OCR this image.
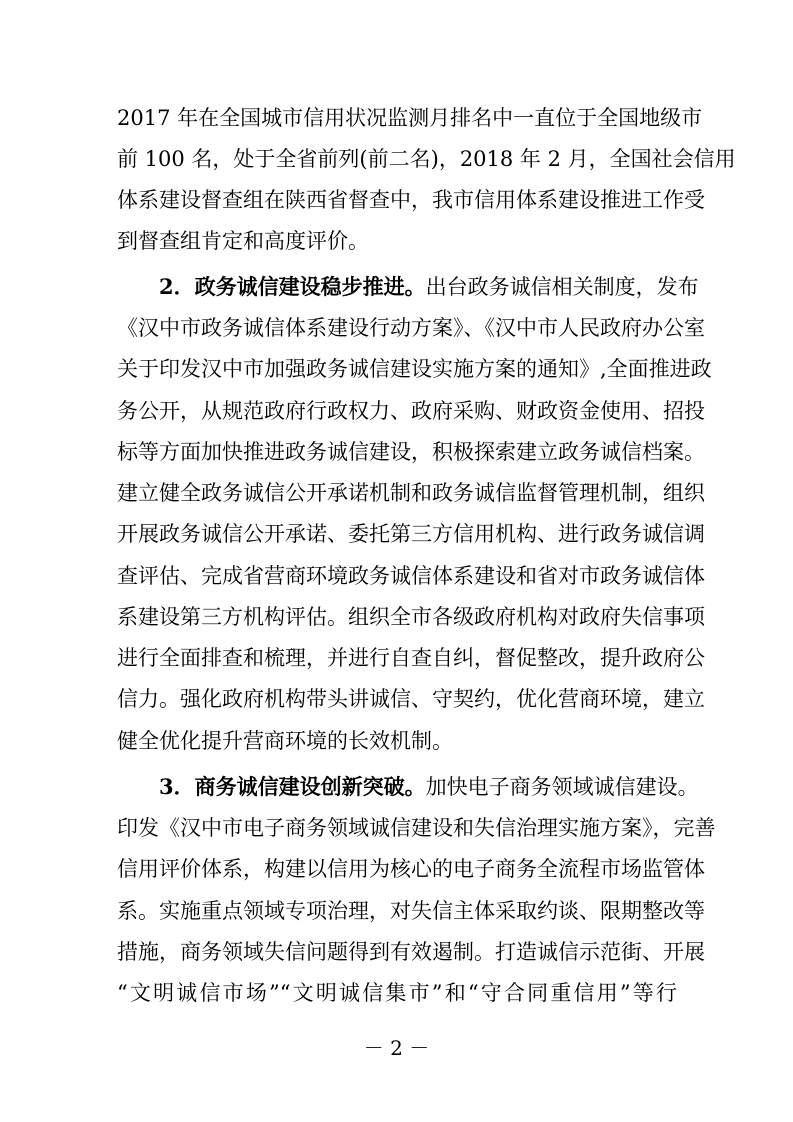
2017 年在全国城市信用状况监测月排名中一直位于全国地级市
前 100 名，处于全省前列(前二名)，2018 年 2 月，全国社会信用
体系建设督查组在陕西省督查中，我市信用体系建设推进工作受
到督查组肯定和高度评价。
2．政务诚信建设稳步推进。出台政务诚信相关制度，发布
《汉中市政务诚信体系建设行动方案》、《汉中市人民政府办公室
关于印发汉中市加强政务诚信建设实施方案的通知》,全面推进政
务公开，从规范政府行政权力、政府采购、财政资金使用、招投
标等方面加快推进政务诚信建设，积极探索建立政务诚信档案。
建立健全政务诚信公开承诺机制和政务诚信监督管理机制，组织
开展政务诚信公开承诺、委托第三方信用机构、进行政务诚信调
查评估、完成省营商环境政务诚信体系建设和省对市政务诚信体
系建设第三方机构评估。组织全市各级政府机构对政府失信事项
进行全面排查和梳理，并进行自查自纠，督促整改，提升政府公
信力。强化政府机构带头讲诚信、守契约，优化营商环境，建立
健全优化提升营商环境的长效机制。
3．商务诚信建设创新突破。加快电子商务领域诚信建设。
印发《汉中市电子商务领域诚信建设和失信治理实施方案》，完善
信用评价体系，构建以信用为核心的电子商务全流程市场监管体
系。实施重点领域专项治理，对失信主体采取约谈、限期整改等
措施，商务领域失信问题得到有效遏制。打造诚信示范街、开展
“文明诚信市场”“文明诚信集市”和“守合同重信用”等行
－ 2 －
